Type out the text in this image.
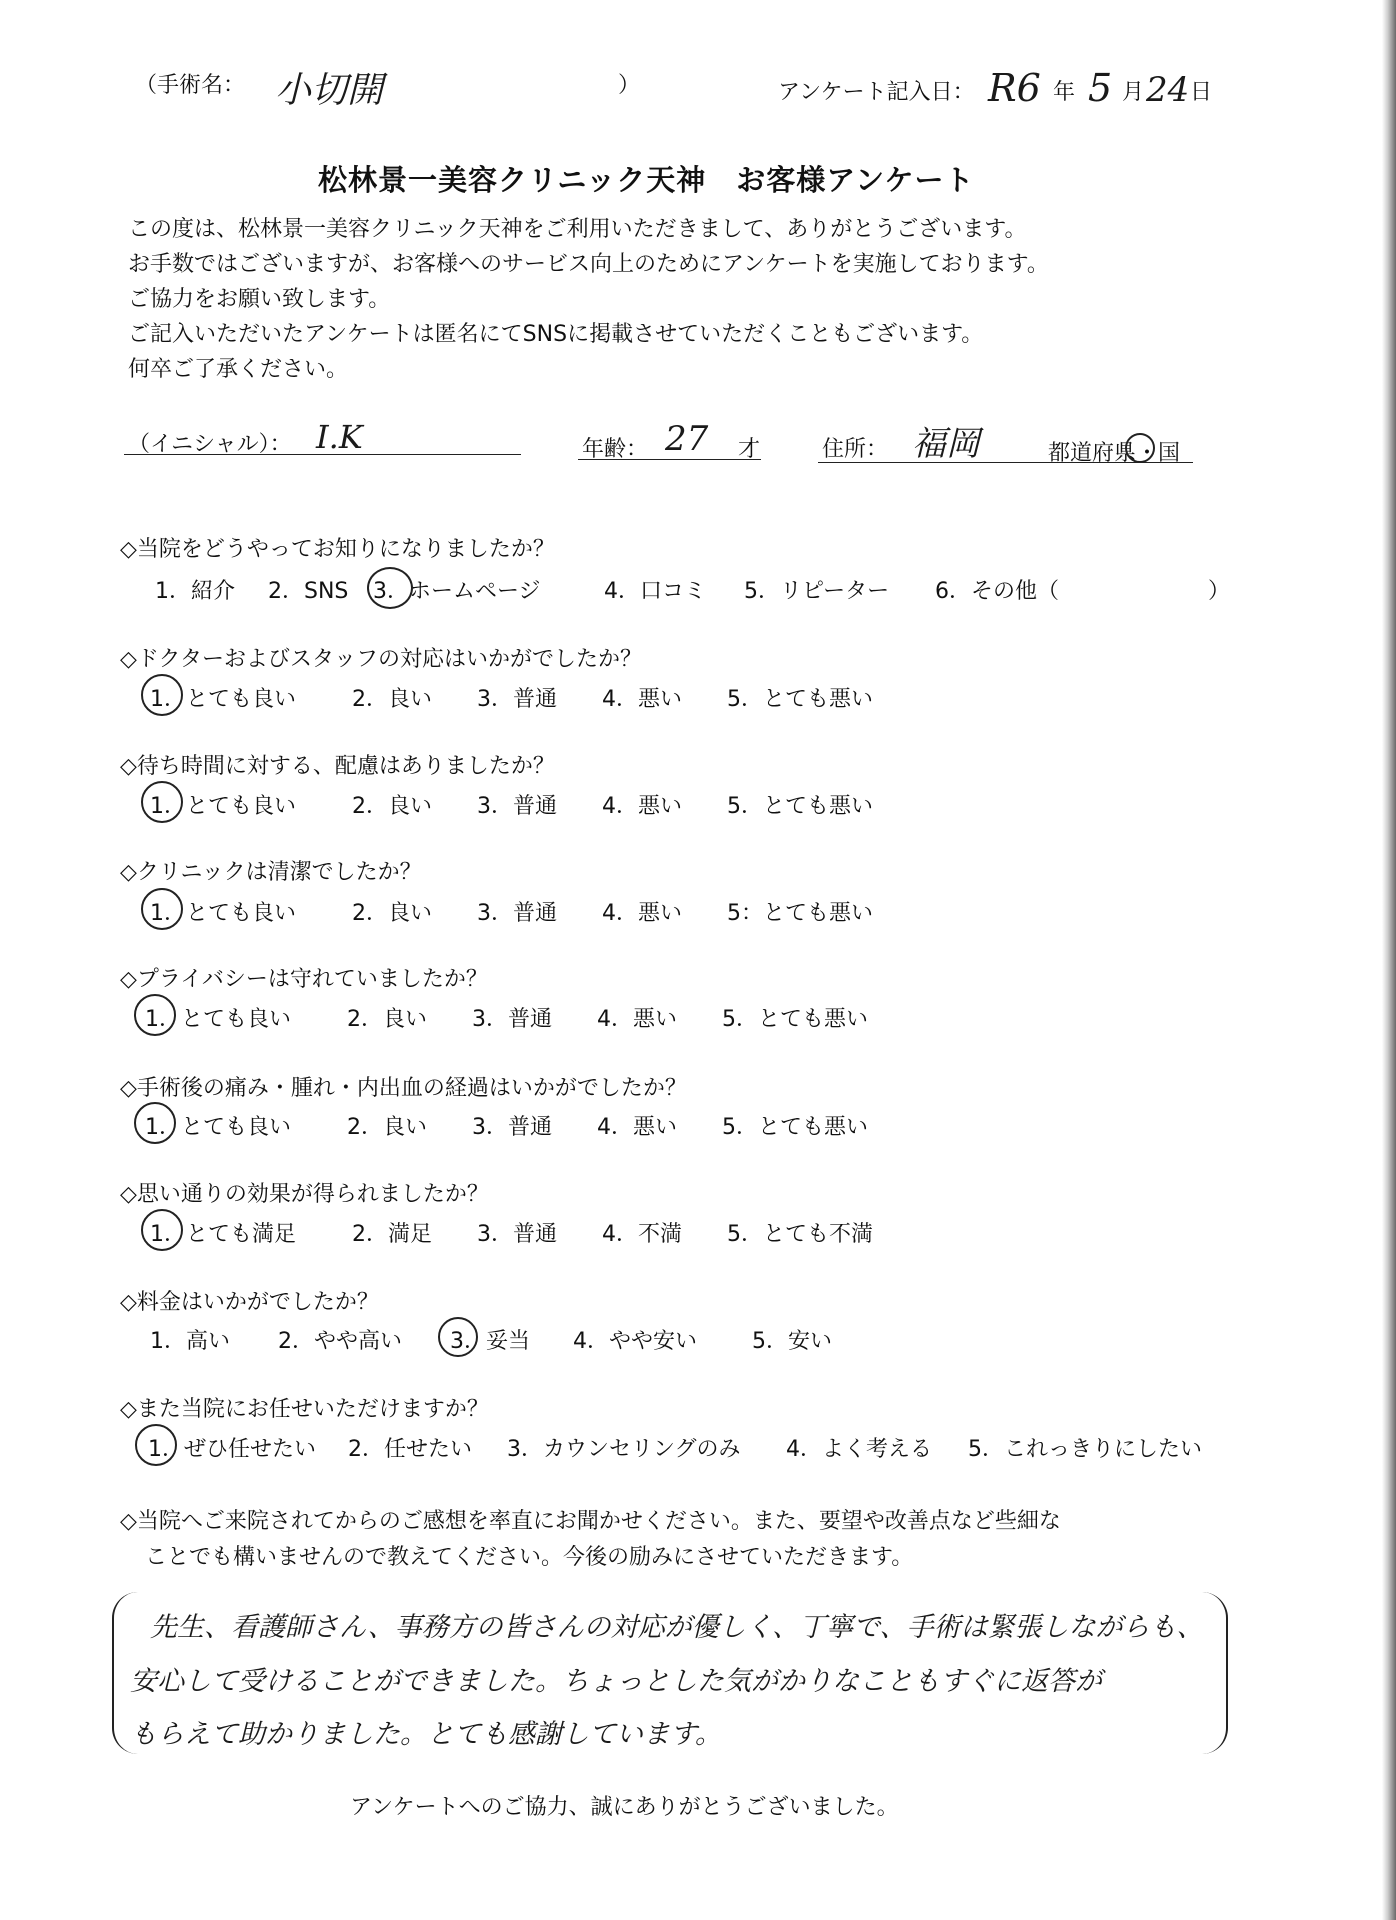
（手術名： 小切開	）	アンケート記入日： R6 年 5 月 24 日
松林景一美容クリニック天神　お客様アンケート
この度は、松林景一美容クリニック天神をご利用いただきまして、ありがとうございます。
お手数ではございますが、お客様へのサービス向上のためにアンケートを実施しております。
ご協力をお願い致します。
ご記入いただいたアンケートは匿名にてSNSに掲載させていただくこともございます。
何卒ご了承ください。
（イニシャル）： I.K	年齢： 27 才	住所： 福岡	都道府県・国
◇当院をどうやってお知りになりましたか？
1．紹介 2．SNS 3．ホームページ	4．口コミ 5．リピーター 6．その他（	）
◇ドクターおよびスタッフの対応はいかがでしたか？
1．とても良い	2．良い 3．普通 4．悪い 5．とても悪い
◇待ち時間に対する、配慮はありましたか？
1．とても良い	2．良い 3．普通 4．悪い 5．とても悪い
◇クリニックは清潔でしたか？
1．とても良い	2．良い 3．普通 4．悪い 5：とても悪い
◇プライバシーは守れていましたか？
1．とても良い	2．良い 3．普通 4．悪い 5．とても悪い
◇手術後の痛み・腫れ・内出血の経過はいかがでしたか？
1．とても良い	2．良い 3．普通 4．悪い 5．とても悪い
◇思い通りの効果が得られましたか？
1．とても満足	2．満足 3．普通 4．不満 5．とても不満
◇料金はいかがでしたか？
1．高い 2．やや高い 3．妥当 4．やや安い	5．安い
◇また当院にお任せいただけますか？
1．ぜひ任せたい 2．任せたい 3．カウンセリングのみ 4．よく考える 5．これっきりにしたい
◇当院へご来院されてからのご感想を率直にお聞かせください。また、要望や改善点など些細な
ことでも構いませんので教えてください。今後の励みにさせていただきます。
先生、看護師さん、事務方の皆さんの対応が優しく、丁寧で、手術は緊張しながらも、
安心して受けることができました。ちょっとした気がかりなこともすぐに返答が
もらえて助かりました。とても感謝しています。
アンケートへのご協力、誠にありがとうございました。
